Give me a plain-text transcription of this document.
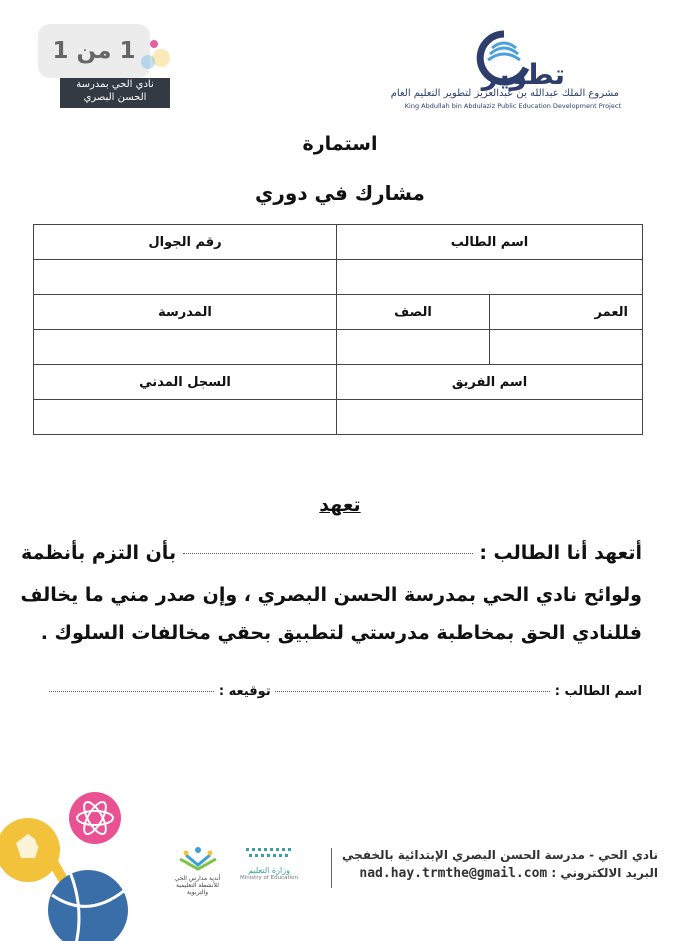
1
من
1
نادي الحي بمدرسة
الحسن البصري
تطوير
مشروع الملك عبدالله بن عبدالعزيز لتطوير التعليم العام
King Abdullah bin Abdulaziz Public Education Development Project
استمارة
مشارك في دوري
اسم الطالب		رقم الجوال

العمر	الصف	المدرسة

اسم الفريق		السجل المدني

تعهد
أتعهد أنا الطالب :  بأن التزم بأنظمة
ولوائح نادي الحي بمدرسة الحسن البصري ، وإن صدر مني ما يخالف
فللنادي الحق بمخاطبة مدرستي لتطبيق بحقي مخالفات السلوك .
اسم الطالب :  توقيعه :
أندية مدارس الحي
للأنشطة التعليمية والتربوية
وزارة التعليم
Ministry of Education
نادي الحي - مدرسة الحسن البصري الإبتدائية بالخفجي
البريد الالكتروني : nad.hay.trmthe@gmail.com
